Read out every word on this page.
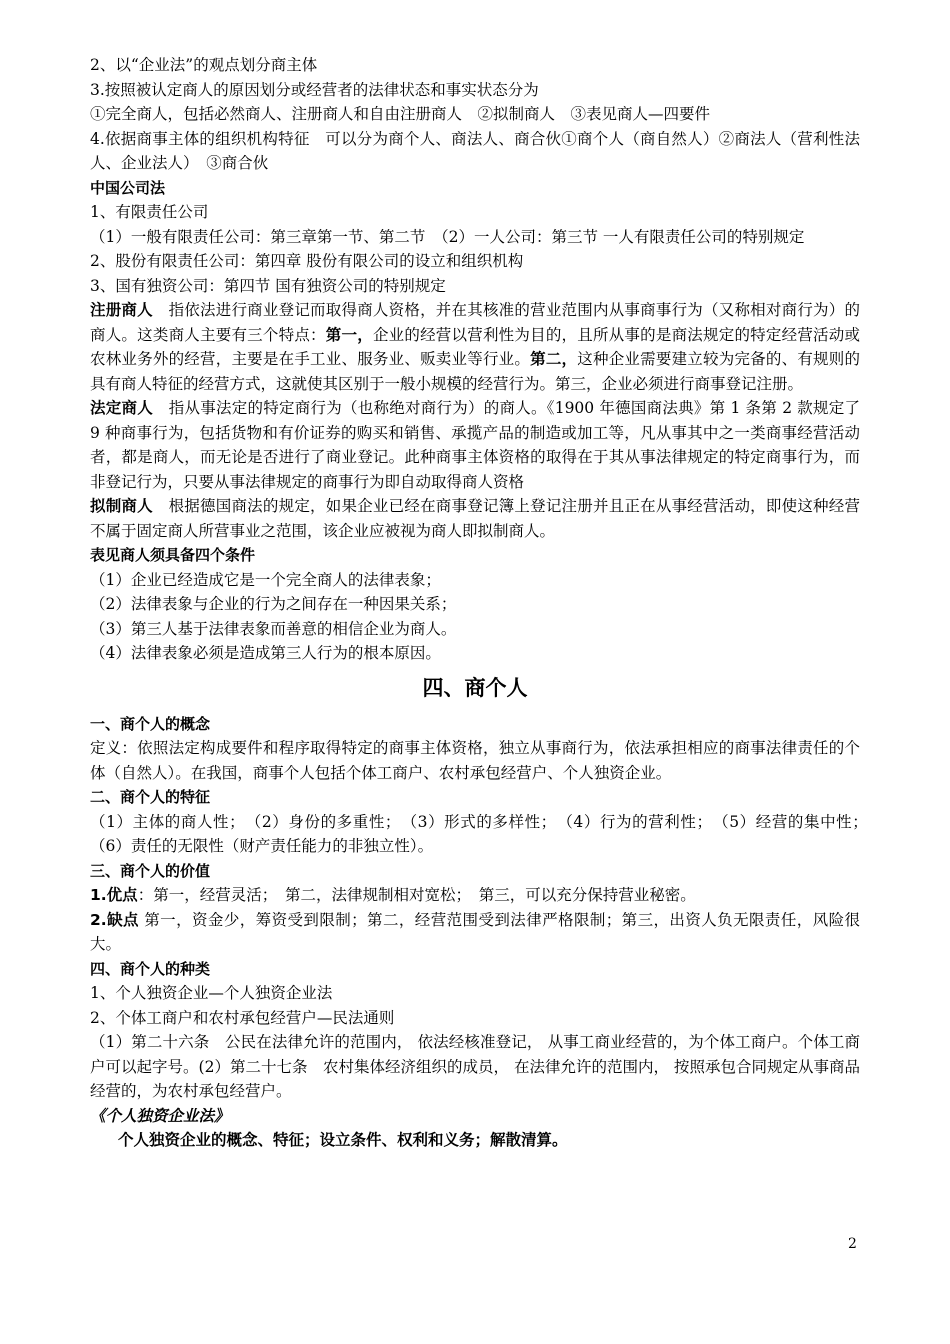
2、以“企业法”的观点划分商主体

3.按照被认定商人的原因划分或经营者的法律状态和事实状态分为

①完全商人，包括必然商人、注册商人和自由注册商人　②拟制商人　③表见商人—四要件

4.依据商事主体的组织机构特征　可以分为商个人、商法人、商合伙①商个人（商自然人）②商法人（营利性法人、企业法人）　③商合伙

中国公司法

1、有限责任公司

（1）一般有限责任公司：第三章第一节、第二节　（2）一人公司：第三节 一人有限责任公司的特别规定

2、股份有限责任公司：第四章 股份有限公司的设立和组织机构

3、国有独资公司：第四节 国有独资公司的特别规定

注册商人　指依法进行商业登记而取得商人资格，并在其核准的营业范围内从事商事行为（又称相对商行为）的商人。这类商人主要有三个特点：第一，企业的经营以营利性为目的，且所从事的是商法规定的特定经营活动或农林业务外的经营，主要是在手工业、服务业、贩卖业等行业。第二，这种企业需要建立较为完备的、有规则的具有商人特征的经营方式，这就使其区别于一般小规模的经营行为。第三，企业必须进行商事登记注册。

法定商人　指从事法定的特定商行为（也称绝对商行为）的商人。《1900 年德国商法典》第 1 条第 2 款规定了 9 种商事行为，包括货物和有价证券的购买和销售、承揽产品的制造或加工等，凡从事其中之一类商事经营活动者，都是商人，而无论是否进行了商业登记。此种商事主体资格的取得在于其从事法律规定的特定商事行为，而非登记行为，只要从事法律规定的商事行为即自动取得商人资格

拟制商人　根据德国商法的规定，如果企业已经在商事登记簿上登记注册并且正在从事经营活动，即使这种经营不属于固定商人所营事业之范围，该企业应被视为商人即拟制商人。

表见商人须具备四个条件

（1）企业已经造成它是一个完全商人的法律表象；

（2）法律表象与企业的行为之间存在一种因果关系；

（3）第三人基于法律表象而善意的相信企业为商人。

（4）法律表象必须是造成第三人行为的根本原因。

四、商个人

一、商个人的概念

定义：依照法定构成要件和程序取得特定的商事主体资格，独立从事商行为，依法承担相应的商事法律责任的个体（自然人）。在我国，商事个人包括个体工商户、农村承包经营户、个人独资企业。

二、商个人的特征

（1）主体的商人性；　（2）身份的多重性；　（3）形式的多样性；　（4）行为的营利性；　（5）经营的集中性；　（6）责任的无限性（财产责任能力的非独立性）。

三、商个人的价值

1.优点：第一，经营灵活；　第二，法律规制相对宽松；　第三，可以充分保持营业秘密。

2.缺点 第一，资金少，筹资受到限制；第二，经营范围受到法律严格限制；第三，出资人负无限责任，风险很大。

四、商个人的种类

1、个人独资企业—个人独资企业法

2、个体工商户和农村承包经营户—民法通则

（1）第二十六条　公民在法律允许的范围内， 依法经核准登记， 从事工商业经营的，为个体工商户。个体工商户可以起字号。(2）第二十七条　农村集体经济组织的成员， 在法律允许的范围内， 按照承包合同规定从事商品经营的，为农村承包经营户。

《个人独资企业法》

个人独资企业的概念、特征；设立条件、权利和义务；解散清算。

2
